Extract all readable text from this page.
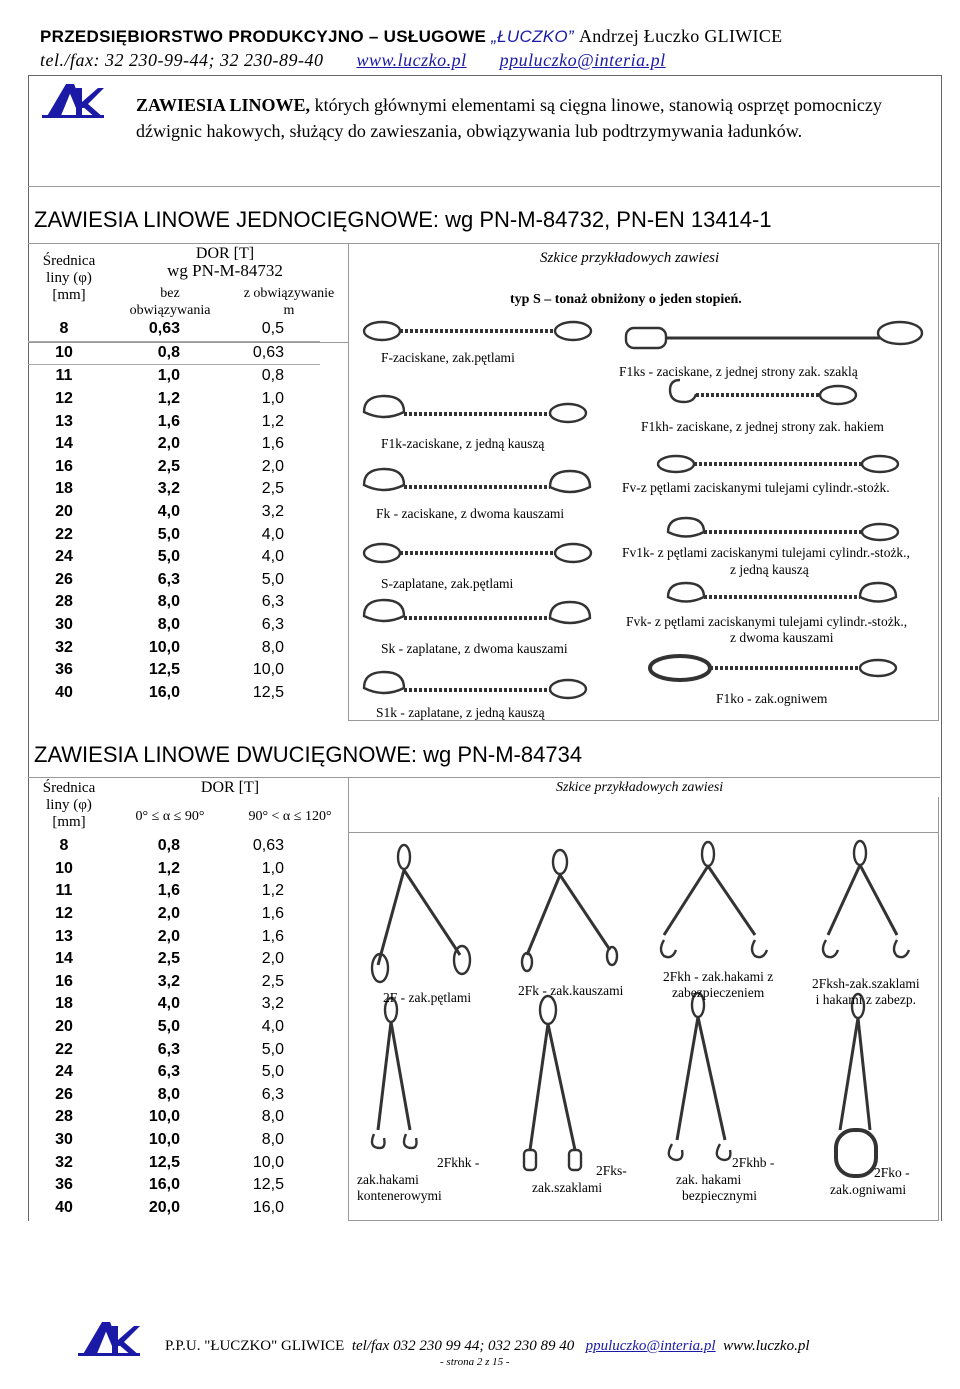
PRZEDSIĘBIORSTWO PRODUKCYJNO – USŁUGOWE „ŁUCZKO” Andrzej Łuczko GLIWICE
tel./fax: 32 230-99-44; 32 230-89-40 www.luczko.pl ppuluczko@interia.pl
ZAWIESIA LINOWE, których głównymi elementami są cięgna linowe, stanowią osprzęt pomocniczy dźwignic hakowych, służący do zawieszania, obwiązywania lub podtrzymywania ładunków.
ZAWIESIA LINOWE JEDNOCIĘGNOWE: wg PN-M-84732, PN-EN 13414-1
Średnica
liny (φ)
[mm]
DOR [T]
wg PN-M-84732
bez
obwiązywania
z obwiązywanie
m
8	0,63	0,5
10	0,8	0,63
11	1,0	0,8
12	1,2	1,0
13	1,6	1,2
14	2,0	1,6
16	2,5	2,0
18	3,2	2,5
20	4,0	3,2
22	5,0	4,0
24	5,0	4,0
26	6,3	5,0
28	8,0	6,3
30	8,0	6,3
32	10,0	8,0
36	12,5	10,0
40	16,0	12,5
Szkice przykładowych zawiesi
typ S – tonaż obniżony o jeden stopień.
F-zaciskane, zak.pętlami
F1k-zaciskane, z jedną kauszą
Fk - zaciskane, z dwoma kauszami
S-zaplatane, zak.pętlami
Sk - zaplatane, z dwoma kauszami
S1k - zaplatane, z jedną kauszą
F1ks - zaciskane, z jednej strony zak. szaklą
F1kh- zaciskane, z jednej strony zak. hakiem
Fv-z pętlami zaciskanymi tulejami cylindr.-stożk.
Fv1k- z pętlami zaciskanymi tulejami cylindr.-stożk.,
z jedną kauszą
Fvk- z pętlami zaciskanymi tulejami cylindr.-stożk.,
z dwoma kauszami
F1ko - zak.ogniwem
ZAWIESIA LINOWE DWUCIĘGNOWE: wg PN-M-84734
Średnica
liny (φ)
[mm]
DOR [T]
0° ≤ α ≤ 90°	90° < α ≤ 120°
8	0,8	0,63
10	1,2	1,0
11	1,6	1,2
12	2,0	1,6
13	2,0	1,6
14	2,5	2,0
16	3,2	2,5
18	4,0	3,2
20	5,0	4,0
22	6,3	5,0
24	6,3	5,0
26	8,0	6,3
28	10,0	8,0
30	10,0	8,0
32	12,5	10,0
36	16,0	12,5
40	20,0	16,0
Szkice przykładowych zawiesi
2F - zak.pętlami	2Fk - zak.kauszami
2Fkh - zak.hakami z
zabezpieczeniem
2Fksh-zak.szaklami
i hakami z zabezp.
2Fkhk -
zak.hakami
kontenerowymi
2Fks-
zak.szaklami
2Fkhb -
zak. hakami
bezpiecznymi
2Fko -
zak.ogniwami
P.P.U. "ŁUCZKO" GLIWICE tel/fax 032 230 99 44; 032 230 89 40 ppuluczko@interia.pl www.luczko.pl
- strona 2 z 15 -
